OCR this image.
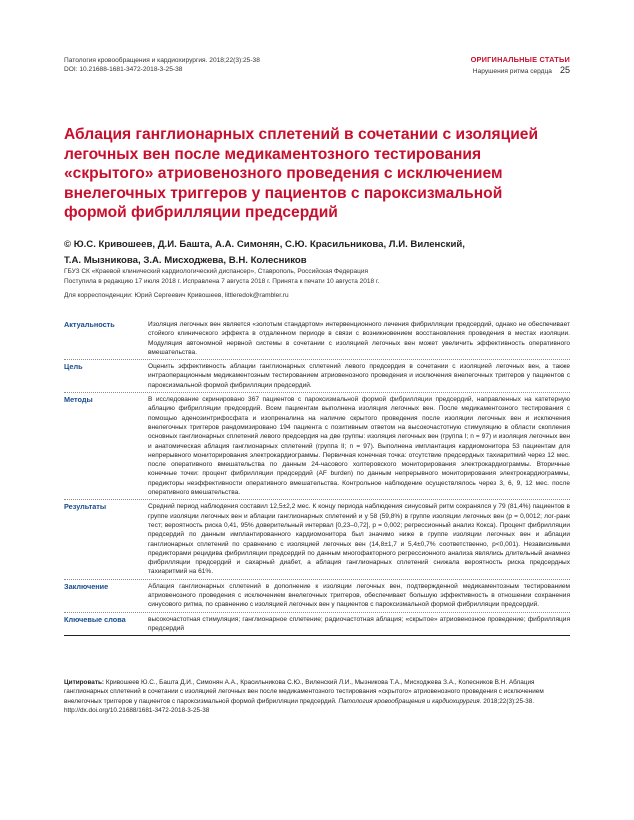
Патология кровообращения и кардиохирургия. 2018;22(3):25-38
DOI: 10.21688-1681-3472-2018-3-25-38
ОРИГИНАЛЬНЫЕ СТАТЬИ
Нарушения ритма сердца 25
Аблация ганглионарных сплетений в сочетании с изоляцией легочных вен после медикаментозного тестирования «скрытого» атриовенозного проведения с исключением внелегочных триггеров у пациентов с пароксизмальной формой фибрилляции предсердий
© Ю.С. Кривошеев, Д.И. Башта, А.А. Симонян, С.Ю. Красильникова, Л.И. Виленский,
Т.А. Мызникова, З.А. Мисходжева, В.Н. Колесников
ГБУЗ СК «Краевой клинический кардиологический диспансер», Ставрополь, Российская Федерация
Поступила в редакцию 17 июля 2018 г. Исправлена 7 августа 2018 г. Принята к печати 10 августа 2018 г.
Для корреспонденции: Юрий Сергеевич Кривошеев, littleredok@rambler.ru
Актуальность	Изоляция легочных вен является «золотым стандартом» интервенционного лечения фибрилляции предсердий, однако не обеспечивает стойкого клинического эффекта в отдаленном периоде в связи с возникновением восстановления проведения в местах изоляции. Модуляция автономной нервной системы в сочетании с изоляцией легочных вен может увеличить эффективность оперативного вмешательства.
Цель	Оценить эффективность аблации ганглионарных сплетений левого предсердия в сочетании с изоляцией легочных вен, а также интраоперационным медикаментозным тестированием атриовенозного проведения и исключения внелегочных триггеров у пациентов с пароксизмальной формой фибрилляции предсердий.
Методы	В исследование скринировано 367 пациентов с пароксизмальной формой фибрилляции предсердий, направленных на катетерную аблацию фибрилляции предсердий. Всем пациентам выполнена изоляция легочных вен. После медикаментозного тестирования с помощью аденозинтрифосфата и изопреналина на наличие скрытого проведения после изоляции легочных вен и исключения внелегочных триггеров рандомизировано 194 пациента с позитивным ответом на высокочастотную стимуляцию в области скопления основных ганглионарных сплетений левого предсердия на две группы: изоляция легочных вен (группа I; n = 97) и изоляция легочных вен и анатомическая аблация ганглионарных сплетений (группа II; n = 97). Выполнена имплантация кардиомонитора 53 пациентам для непрерывного мониторирования электрокардиограммы. Первичная конечная точка: отсутствие предсердных тахиаритмий через 12 мес. после оперативного вмешательства по данным 24-часового холтеровского мониторирования электрокардиограммы. Вторичные конечные точки: процент фибрилляции предсердий (AF burden) по данным непрерывного мониторирования электрокардиограммы, предикторы неэффективности оперативного вмешательства. Контрольное наблюдение осуществлялось через 3, 6, 9, 12 мес. после оперативного вмешательства.
Результаты	Средний период наблюдения составил 12,5±2,2 мес. К концу периода наблюдения синусовый ритм сохранялся у 79 (81,4%) пациентов в группе изоляции легочных вен и аблации ганглионарных сплетений и у 58 (59,8%) в группе изоляции легочных вен (p = 0,0012; лог-ранк тест; вероятность риска 0,41, 95% доверительный интервал [0,23–0,72], p = 0,002; регрессионный анализ Кокса). Процент фибрилляции предсердий по данным имплантированного кардиомонитора был значимо ниже в группе изоляции легочных вен и аблации ганглионарных сплетений по сравнению с изоляцией легочных вен (14,8±1,7 и 5,4±0,7% соответственно, p<0,001). Независимыми предикторами рецидива фибрилляции предсердий по данным многофакторного регрессионного анализа являлись длительный анамнез фибрилляции предсердий и сахарный диабет, а аблация ганглионарных сплетений снижала вероятность риска предсердных тахиаритмий на 61%.
Заключение	Аблация ганглионарных сплетений в дополнение к изоляции легочных вен, подтвержденной медикаментозным тестированием атриовенозного проведения с исключением внелегочных триггеров, обеспечивает большую эффективность в отношении сохранения синусового ритма, по сравнению с изоляцией легочных вен у пациентов с пароксизмальной формой фибрилляции предсердий.
Ключевые слова	высокочастотная стимуляция; ганглионарное сплетение; радиочастотная аблация; «скрытое» атриовенозное проведение; фибрилляция предсердий
Цитировать: Кривошеев Ю.С., Башта Д.И., Симонян А.А., Красильникова С.Ю., Виленский Л.И., Мызникова Т.А., Мисходжева З.А., Колесников В.Н. Аблация ганглионарных сплетений в сочетании с изоляцией легочных вен после медикаментозного тестирования «скрытого» атриовенозного проведения с исключением внелегочных триггеров у пациентов с пароксизмальной формой фибрилляции предсердий. Патология кровообращения и кардиохирургия. 2018;22(3):25-38. http://dx.doi.org/10.21688/1681-3472-2018-3-25-38
